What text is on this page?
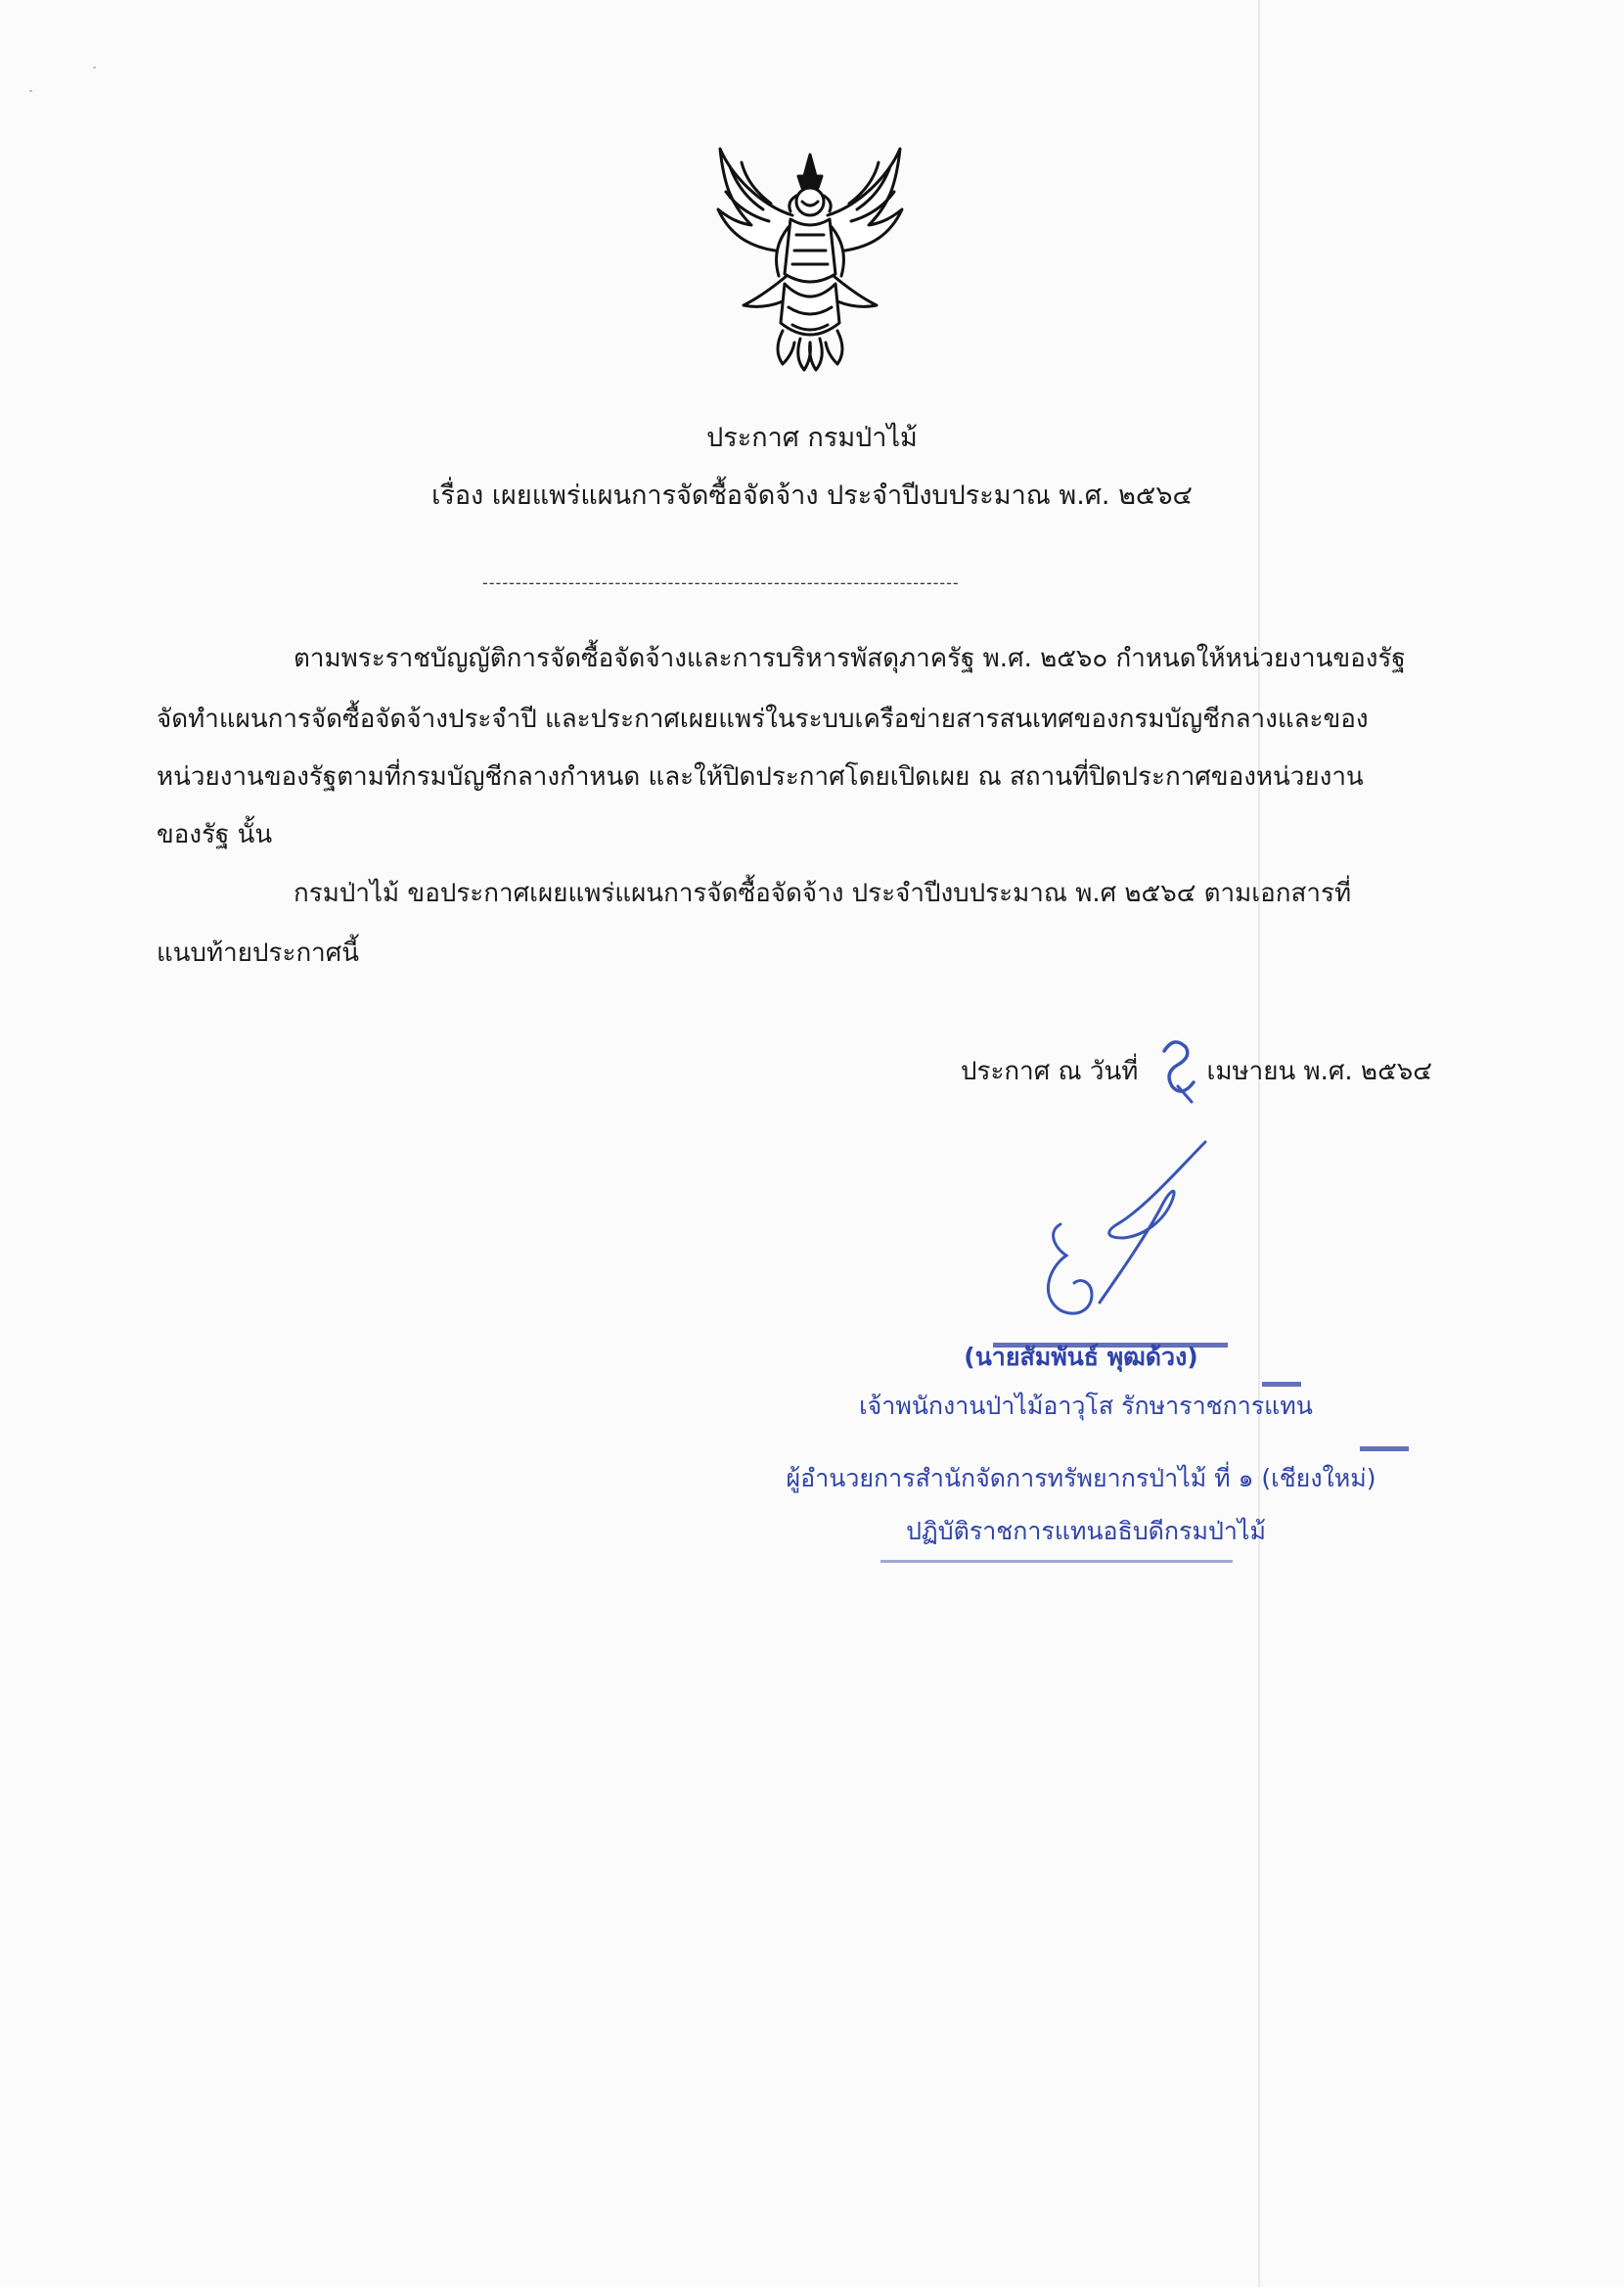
ประกาศ กรมป่าไม้
เรื่อง เผยแพร่แผนการจัดซื้อจัดจ้าง ประจำปีงบประมาณ พ.ศ. ๒๕๖๔
------------------------------------------------------------------------
ตามพระราชบัญญัติการจัดซื้อจัดจ้างและการบริหารพัสดุภาครัฐ พ.ศ. ๒๕๖๐ กำหนดให้หน่วยงานของรัฐ
จัดทำแผนการจัดซื้อจัดจ้างประจำปี และประกาศเผยแพร่ในระบบเครือข่ายสารสนเทศของกรมบัญชีกลางและของ
หน่วยงานของรัฐตามที่กรมบัญชีกลางกำหนด และให้ปิดประกาศโดยเปิดเผย ณ สถานที่ปิดประกาศของหน่วยงาน
ของรัฐ นั้น
กรมป่าไม้ ขอประกาศเผยแพร่แผนการจัดซื้อจัดจ้าง ประจำปีงบประมาณ พ.ศ ๒๕๖๔ ตามเอกสารที่
แนบท้ายประกาศนี้
ประกาศ ณ วันที่	เมษายน พ.ศ. ๒๕๖๔
(นายสัมพันธ์ พุฒด้วง)
เจ้าพนักงานป่าไม้อาวุโส รักษาราชการแทน
ผู้อำนวยการสำนักจัดการทรัพยากรป่าไม้ ที่ ๑ (เชียงใหม่)
ปฏิบัติราชการแทนอธิบดีกรมป่าไม้
